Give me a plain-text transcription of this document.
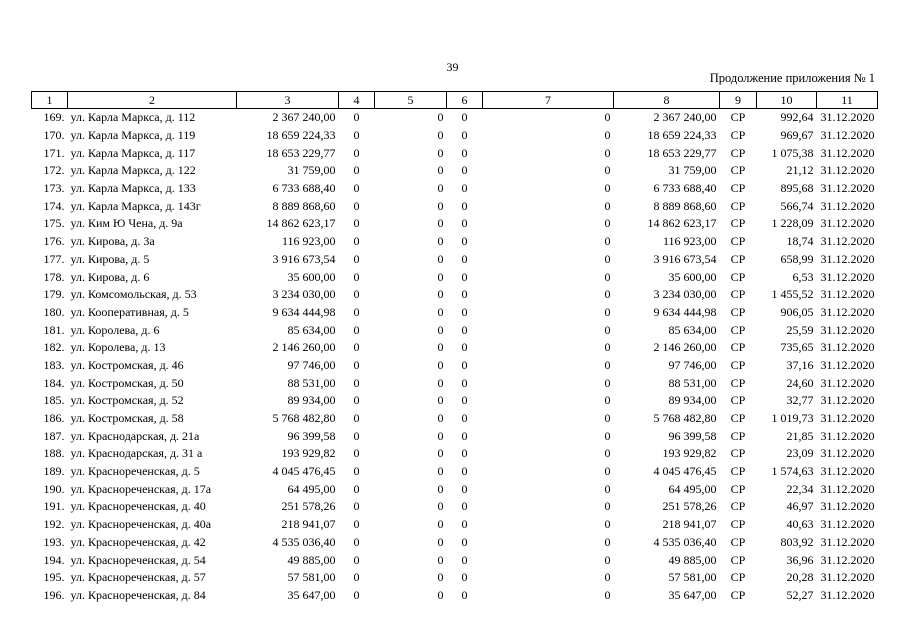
39
Продолжение приложения № 1
1	2	3	4	5	6	7	8	9	10	11
169.	ул. Карла Маркса, д. 112	2 367 240,00	0	0	0	0	2 367 240,00	СР	992,64	31.12.2020
170.	ул. Карла Маркса, д. 119	18 659 224,33	0	0	0	0	18 659 224,33	СР	969,67	31.12.2020
171.	ул. Карла Маркса, д. 117	18 653 229,77	0	0	0	0	18 653 229,77	СР	1 075,38	31.12.2020
172.	ул. Карла Маркса, д. 122	31 759,00	0	0	0	0	31 759,00	СР	21,12	31.12.2020
173.	ул. Карла Маркса, д. 133	6 733 688,40	0	0	0	0	6 733 688,40	СР	895,68	31.12.2020
174.	ул. Карла Маркса, д. 143г	8 889 868,60	0	0	0	0	8 889 868,60	СР	566,74	31.12.2020
175.	ул. Ким Ю Чена, д. 9а	14 862 623,17	0	0	0	0	14 862 623,17	СР	1 228,09	31.12.2020
176.	ул. Кирова, д. 3а	116 923,00	0	0	0	0	116 923,00	СР	18,74	31.12.2020
177.	ул. Кирова, д. 5	3 916 673,54	0	0	0	0	3 916 673,54	СР	658,99	31.12.2020
178.	ул. Кирова, д. 6	35 600,00	0	0	0	0	35 600,00	СР	6,53	31.12.2020
179.	ул. Комсомольская, д. 53	3 234 030,00	0	0	0	0	3 234 030,00	СР	1 455,52	31.12.2020
180.	ул. Кооперативная, д. 5	9 634 444,98	0	0	0	0	9 634 444,98	СР	906,05	31.12.2020
181.	ул. Королева, д. 6	85 634,00	0	0	0	0	85 634,00	СР	25,59	31.12.2020
182.	ул. Королева, д. 13	2 146 260,00	0	0	0	0	2 146 260,00	СР	735,65	31.12.2020
183.	ул. Костромская, д. 46	97 746,00	0	0	0	0	97 746,00	СР	37,16	31.12.2020
184.	ул. Костромская, д. 50	88 531,00	0	0	0	0	88 531,00	СР	24,60	31.12.2020
185.	ул. Костромская, д. 52	89 934,00	0	0	0	0	89 934,00	СР	32,77	31.12.2020
186.	ул. Костромская, д. 58	5 768 482,80	0	0	0	0	5 768 482,80	СР	1 019,73	31.12.2020
187.	ул. Краснодарская, д. 21а	96 399,58	0	0	0	0	96 399,58	СР	21,85	31.12.2020
188.	ул. Краснодарская, д. 31 а	193 929,82	0	0	0	0	193 929,82	СР	23,09	31.12.2020
189.	ул. Краснореченская, д. 5	4 045 476,45	0	0	0	0	4 045 476,45	СР	1 574,63	31.12.2020
190.	ул. Краснореченская, д. 17а	64 495,00	0	0	0	0	64 495,00	СР	22,34	31.12.2020
191.	ул. Краснореченская, д. 40	251 578,26	0	0	0	0	251 578,26	СР	46,97	31.12.2020
192.	ул. Краснореченская, д. 40а	218 941,07	0	0	0	0	218 941,07	СР	40,63	31.12.2020
193.	ул. Краснореченская, д. 42	4 535 036,40	0	0	0	0	4 535 036,40	СР	803,92	31.12.2020
194.	ул. Краснореченская, д. 54	49 885,00	0	0	0	0	49 885,00	СР	36,96	31.12.2020
195.	ул. Краснореченская, д. 57	57 581,00	0	0	0	0	57 581,00	СР	20,28	31.12.2020
196.	ул. Краснореченская, д. 84	35 647,00	0	0	0	0	35 647,00	СР	52,27	31.12.2020
